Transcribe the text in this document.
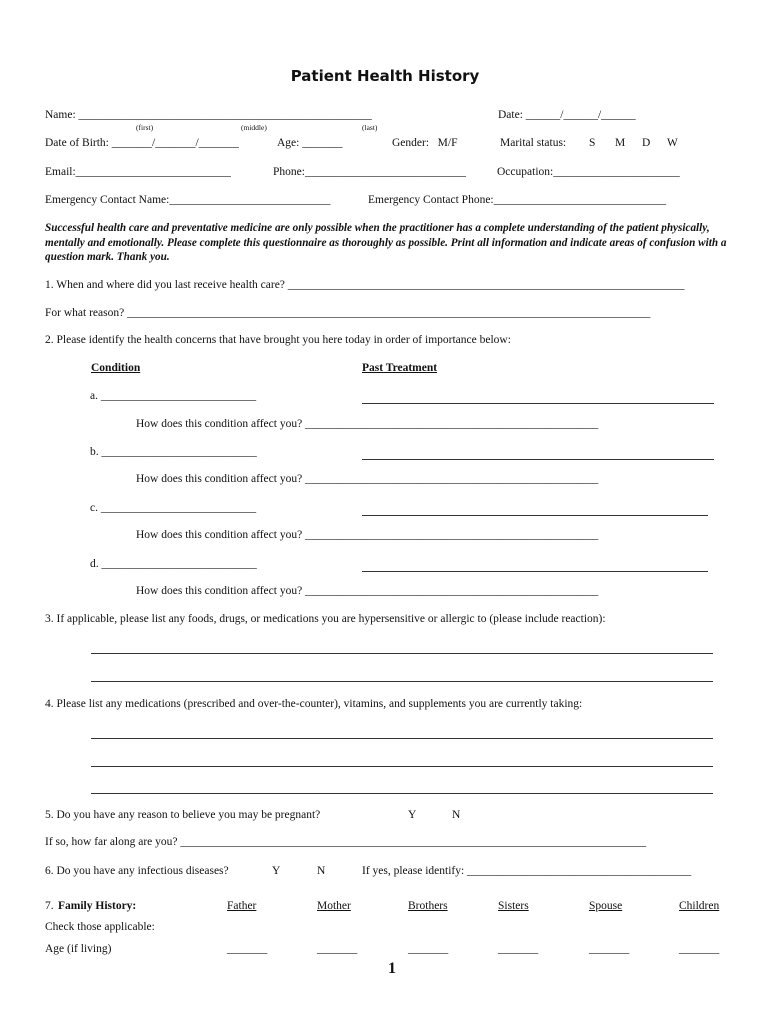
Patient Health History
Name: ___________________________________________________
(first)	(middle)	(last)
Date: ______/______/______
Date of Birth: _______/_______/_______	Age: _______	Gender:   M/F	Marital status: S M D W
Email:___________________________	Phone:____________________________	Occupation:______________________
Emergency Contact Name:____________________________	Emergency Contact Phone:______________________________
Successful health care and preventative medicine are only possible when the practitioner has a complete understanding of the patient physically, mentally and emotionally. Please complete this questionnaire as thoroughly as possible. Print all information and indicate areas of confusion with a question mark. Thank you.
1. When and where did you last receive health care? _____________________________________________________________________
For what reason? ___________________________________________________________________________________________
2. Please identify the health concerns that have brought you here today in order of importance below:
Condition	Past Treatment
a. ___________________________
How does this condition affect you? ___________________________________________________
b. ___________________________
How does this condition affect you? ___________________________________________________
c. ___________________________
How does this condition affect you? ___________________________________________________
d. ___________________________
How does this condition affect you? ___________________________________________________
3. If applicable, please list any foods, drugs, or medications you are hypersensitive or allergic to (please include reaction):
4. Please list any medications (prescribed and over-the-counter), vitamins, and supplements you are currently taking:
5. Do you have any reason to believe you may be pregnant?	Y	N
If so, how far along are you? _________________________________________________________________________________
6. Do you have any infectious diseases?	Y	N	If yes, please identify: _______________________________________
7. Family History:	Father	Mother	Brothers	Sisters	Spouse	Children
Check those applicable:
Age (if living)	_______	_______	_______	_______	_______	_______
1
